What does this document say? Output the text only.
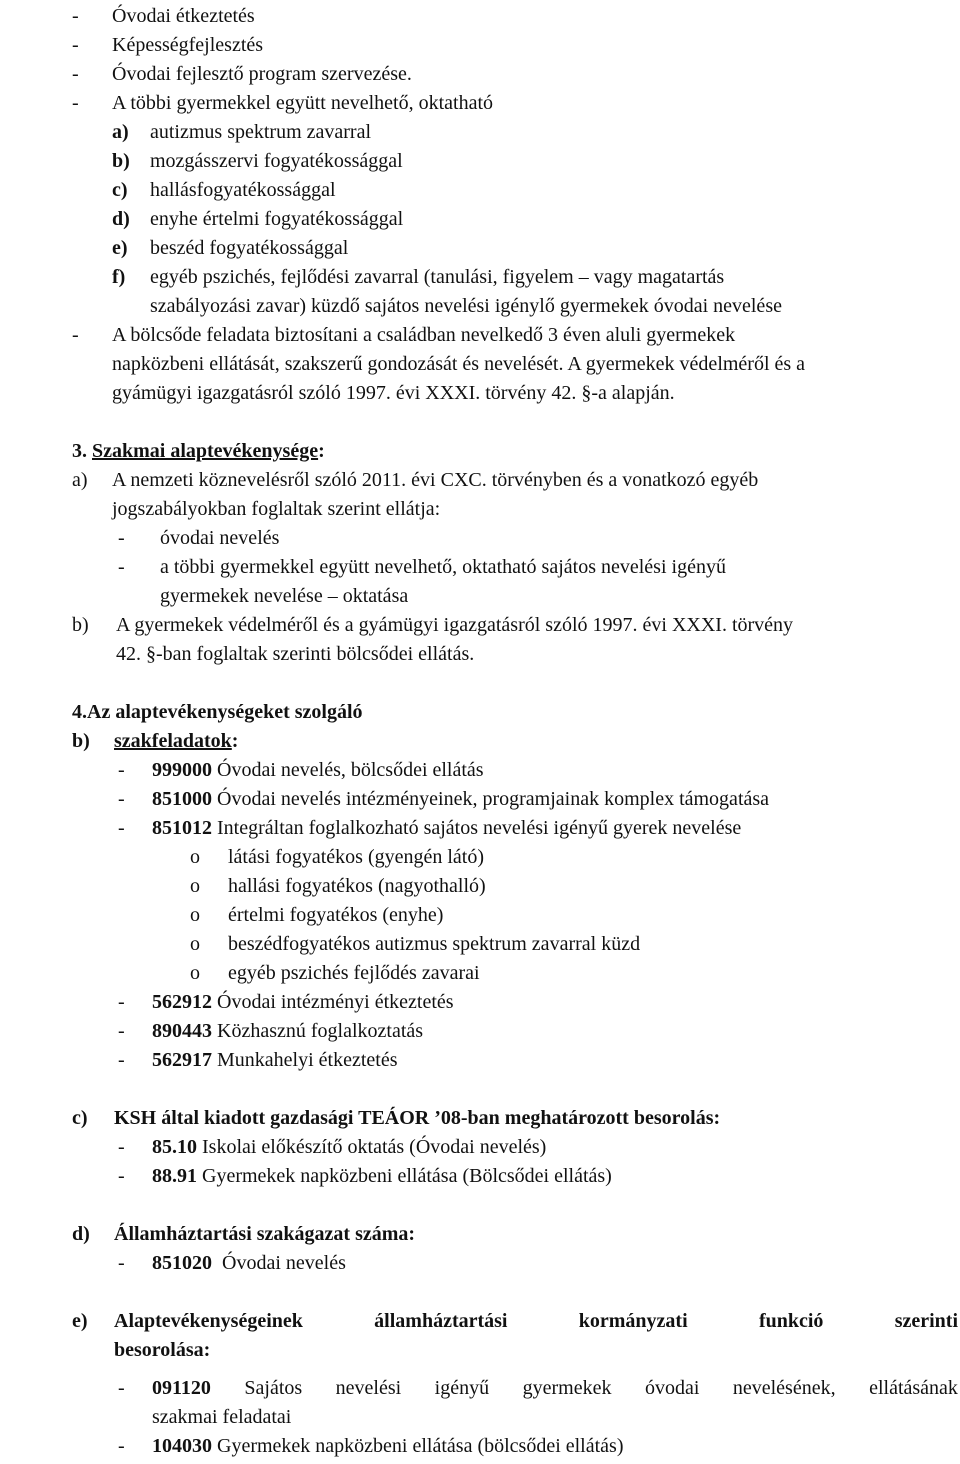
- Óvodai étkeztetés
- Képességfejlesztés
- Óvodai fejlesztő program szervezése.
- A többi gyermekkel együtt nevelhető, oktatható
a) autizmus spektrum zavarral
b) mozgásszervi fogyatékossággal
c) hallásfogyatékossággal
d) enyhe értelmi fogyatékossággal
e) beszéd fogyatékossággal
f) egyéb pszichés, fejlődési zavarral (tanulási, figyelem – vagy magatartás
szabályozási zavar) küzdő sajátos nevelési igénylő gyermekek óvodai nevelése
- A bölcsőde feladata biztosítani a családban nevelkedő 3 éven aluli gyermekek
napközbeni ellátását, szakszerű gondozását és nevelését. A gyermekek védelméről és a
gyámügyi igazgatásról szóló 1997. évi XXXI. törvény 42. §-a alapján.
3. Szakmai alaptevékenysége:
a) A nemzeti köznevelésről szóló 2011. évi CXC. törvényben és a vonatkozó egyéb
jogszabályokban foglaltak szerint ellátja:
- óvodai nevelés
- a többi gyermekkel együtt nevelhető, oktatható sajátos nevelési igényű
gyermekek nevelése – oktatása
b) A gyermekek védelméről és a gyámügyi igazgatásról szóló 1997. évi XXXI. törvény
42. §-ban foglaltak szerinti bölcsődei ellátás.
4.Az alaptevékenységeket szolgáló
b) szakfeladatok:
- 999000 Óvodai nevelés, bölcsődei ellátás
- 851000 Óvodai nevelés intézményeinek, programjainak komplex támogatása
- 851012 Integráltan foglalkozható sajátos nevelési igényű gyerek nevelése
o látási fogyatékos (gyengén látó)
o hallási fogyatékos (nagyothalló)
o értelmi fogyatékos (enyhe)
o beszédfogyatékos autizmus spektrum zavarral küzd
o egyéb pszichés fejlődés zavarai
- 562912 Óvodai intézményi étkeztetés
- 890443 Közhasznú foglalkoztatás
- 562917 Munkahelyi étkeztetés
c) KSH által kiadott gazdasági TEÁOR ’08-ban meghatározott besorolás:
- 85.10 Iskolai előkészítő oktatás (Óvodai nevelés)
- 88.91 Gyermekek napközbeni ellátása (Bölcsődei ellátás)
d) Államháztartási szakágazat száma:
- 851020 Óvodai nevelés
e) Alaptevékenységeinek	államháztartási	kormányzati	funkció	szerinti
besorolása:
- 091120 Sajátos nevelési igényű gyermekek óvodai nevelésének, ellátásának
szakmai feladatai
- 104030 Gyermekek napközbeni ellátása (bölcsődei ellátás)
